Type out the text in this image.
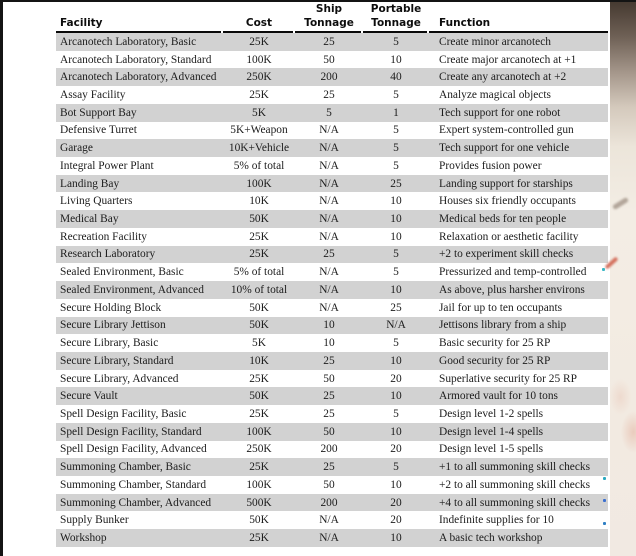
Ship	Portable
Facility	Cost	Tonnage	Tonnage	Function
Arcanotech Laboratory, Basic	25K	25	5	Create minor arcanotech
Arcanotech Laboratory, Standard	100K	50	10	Create major arcanotech at +1
Arcanotech Laboratory, Advanced	250K	200	40	Create any arcanotech at +2
Assay Facility	25K	25	5	Analyze magical objects
Bot Support Bay	5K	5	1	Tech support for one robot
Defensive Turret	5K+Weapon	N/A	5	Expert system-controlled gun
Garage	10K+Vehicle	N/A	5	Tech support for one vehicle
Integral Power Plant	5% of total	N/A	5	Provides fusion power
Landing Bay	100K	N/A	25	Landing support for starships
Living Quarters	10K	N/A	10	Houses six friendly occupants
Medical Bay	50K	N/A	10	Medical beds for ten people
Recreation Facility	25K	N/A	10	Relaxation or aesthetic facility
Research Laboratory	25K	25	5	+2 to experiment skill checks
Sealed Environment, Basic	5% of total	N/A	5	Pressurized and temp-controlled
Sealed Environment, Advanced	10% of total	N/A	10	As above, plus harsher environs
Secure Holding Block	50K	N/A	25	Jail for up to ten occupants
Secure Library Jettison	50K	10	N/A	Jettisons library from a ship
Secure Library, Basic	5K	10	5	Basic security for 25 RP
Secure Library, Standard	10K	25	10	Good security for 25 RP
Secure Library, Advanced	25K	50	20	Superlative security for 25 RP
Secure Vault	50K	25	10	Armored vault for 10 tons
Spell Design Facility, Basic	25K	25	5	Design level 1-2 spells
Spell Design Facility, Standard	100K	50	10	Design level 1-4 spells
Spell Design Facility, Advanced	250K	200	20	Design level 1-5 spells
Summoning Chamber, Basic	25K	25	5	+1 to all summoning skill checks
Summoning Chamber, Standard	100K	50	10	+2 to all summoning skill checks
Summoning Chamber, Advanced	500K	200	20	+4 to all summoning skill checks
Supply Bunker	50K	N/A	20	Indefinite supplies for 10
Workshop	25K	N/A	10	A basic tech workshop
